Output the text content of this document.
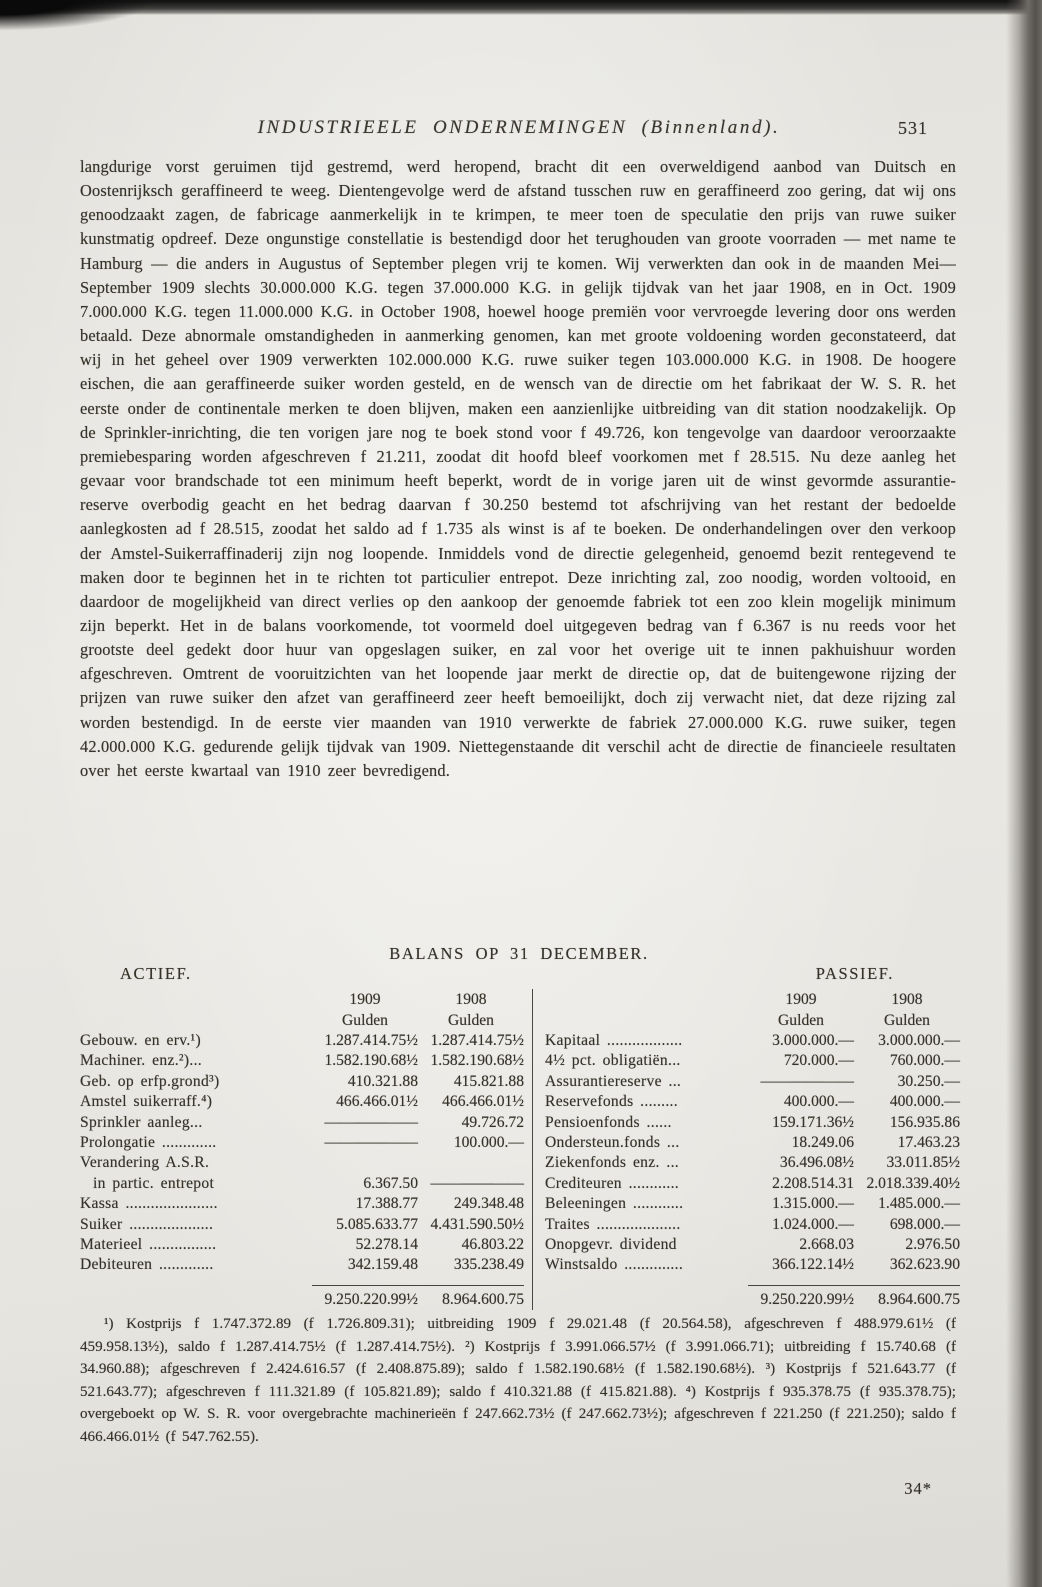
INDUSTRIEELE ONDERNEMINGEN (Binnenland).	531
langdurige vorst geruimen tijd gestremd, werd heropend, bracht dit een overweldigend aanbod van Duitsch en Oostenrijksch geraffineerd te weeg. Dientengevolge werd de afstand tusschen ruw en geraffineerd zoo gering, dat wij ons genoodzaakt zagen, de fabricage aanmerkelijk in te krimpen, te meer toen de speculatie den prijs van ruwe suiker kunstmatig opdreef. Deze ongunstige constellatie is bestendigd door het terughouden van groote voorraden — met name te Hamburg — die anders in Augustus of September plegen vrij te komen. Wij verwerkten dan ook in de maanden Mei—September 1909 slechts 30.000.000 K.G. tegen 37.000.000 K.G. in gelijk tijdvak van het jaar 1908, en in Oct. 1909 7.000.000 K.G. tegen 11.000.000 K.G. in October 1908, hoewel hooge premiën voor vervroegde levering door ons werden betaald. Deze abnormale omstandigheden in aanmerking genomen, kan met groote voldoening worden geconstateerd, dat wij in het geheel over 1909 verwerkten 102.000.000 K.G. ruwe suiker tegen 103.000.000 K.G. in 1908. De hoogere eischen, die aan geraffineerde suiker worden gesteld, en de wensch van de directie om het fabrikaat der W. S. R. het eerste onder de continentale merken te doen blijven, maken een aanzienlijke uitbreiding van dit station noodzakelijk. Op de Sprinkler-inrichting, die ten vorigen jare nog te boek stond voor f 49.726, kon tengevolge van daardoor veroorzaakte premiebesparing worden afgeschreven f 21.211, zoodat dit hoofd bleef voorkomen met f 28.515. Nu deze aanleg het gevaar voor brandschade tot een minimum heeft beperkt, wordt de in vorige jaren uit de winst gevormde assurantie-reserve overbodig geacht en het bedrag daarvan f 30.250 bestemd tot afschrijving van het restant der bedoelde aanlegkosten ad f 28.515, zoodat het saldo ad f 1.735 als winst is af te boeken. De onderhandelingen over den verkoop der Amstel-Suikerraffinaderij zijn nog loopende. Inmiddels vond de directie gelegenheid, genoemd bezit rentegevend te maken door te beginnen het in te richten tot particulier entrepot. Deze inrichting zal, zoo noodig, worden voltooid, en daardoor de mogelijkheid van direct verlies op den aankoop der genoemde fabriek tot een zoo klein mogelijk minimum zijn beperkt. Het in de balans voorkomende, tot voormeld doel uitgegeven bedrag van f 6.367 is nu reeds voor het grootste deel gedekt door huur van opgeslagen suiker, en zal voor het overige uit te innen pakhuishuur worden afgeschreven. Omtrent de vooruitzichten van het loopende jaar merkt de directie op, dat de buitengewone rijzing der prijzen van ruwe suiker den afzet van geraffineerd zeer heeft bemoeilijkt, doch zij verwacht niet, dat deze rijzing zal worden bestendigd. In de eerste vier maanden van 1910 verwerkte de fabriek 27.000.000 K.G. ruwe suiker, tegen 42.000.000 K.G. gedurende gelijk tijdvak van 1909. Niettegenstaande dit verschil acht de directie de financieele resultaten over het eerste kwartaal van 1910 zeer bevredigend.
BALANS OP 31 DECEMBER.
ACTIEF.	PASSIEF.
1909	1908
Gulden	Gulden
Gebouw. en erv.¹)	1.287.414.75½ 1.287.414.75½
Machiner. enz.²)...	1.582.190.68½ 1.582.190.68½
Geb. op erfp.grond³)	410.321.88	415.821.88
Amstel suikerraff.⁴)	466.466.01½	466.466.01½
Sprinkler aanleg...	——————	49.726.72
Prolongatie .............	——————	100.000.—
Verandering A.S.R.
in partic. entrepot	6.367.50 ——————
Kassa ......................	17.388.77	249.348.48
Suiker ....................	5.085.633.77 4.431.590.50½
Materieel ................	52.278.14	46.803.22
Debiteuren .............	342.159.48	335.238.49
9.250.220.99½	8.964.600.75
1909	1908
Gulden	Gulden
Kapitaal ..................	3.000.000.—	3.000.000.—
4½ pct. obligatiën...	720.000.—	760.000.—
Assurantiereserve ...	——————	30.250.—
Reservefonds .........	400.000.—	400.000.—
Pensioenfonds ......	159.171.36½	156.935.86
Ondersteun.fonds ...	18.249.06	17.463.23
Ziekenfonds enz. ...	36.496.08½	33.011.85½
Crediteuren ............	2.208.514.31 2.018.339.40½
Beleeningen ............	1.315.000.—	1.485.000.—
Traites ....................	1.024.000.—	698.000.—
Onopgevr. dividend	2.668.03	2.976.50
Winstsaldo ..............	366.122.14½	362.623.90
9.250.220.99½	8.964.600.75
¹) Kostprijs f 1.747.372.89 (f 1.726.809.31); uitbreiding 1909 f 29.021.48 (f 20.564.58), afgeschreven f 488.979.61½ (f 459.958.13½), saldo f 1.287.414.75½ (f 1.287.414.75½). ²) Kostprijs f 3.991.066.57½ (f 3.991.066.71); uitbreiding f 15.740.68 (f 34.960.88); afgeschreven f 2.424.616.57 (f 2.408.875.89); saldo f 1.582.190.68½ (f 1.582.190.68½). ³) Kostprijs f 521.643.77 (f 521.643.77); afgeschreven f 111.321.89 (f 105.821.89); saldo f 410.321.88 (f 415.821.88). ⁴) Kostprijs f 935.378.75 (f 935.378.75); overgeboekt op W. S. R. voor overgebrachte machinerieën f 247.662.73½ (f 247.662.73½); afgeschreven f 221.250 (f 221.250); saldo f 466.466.01½ (f 547.762.55).
34*
